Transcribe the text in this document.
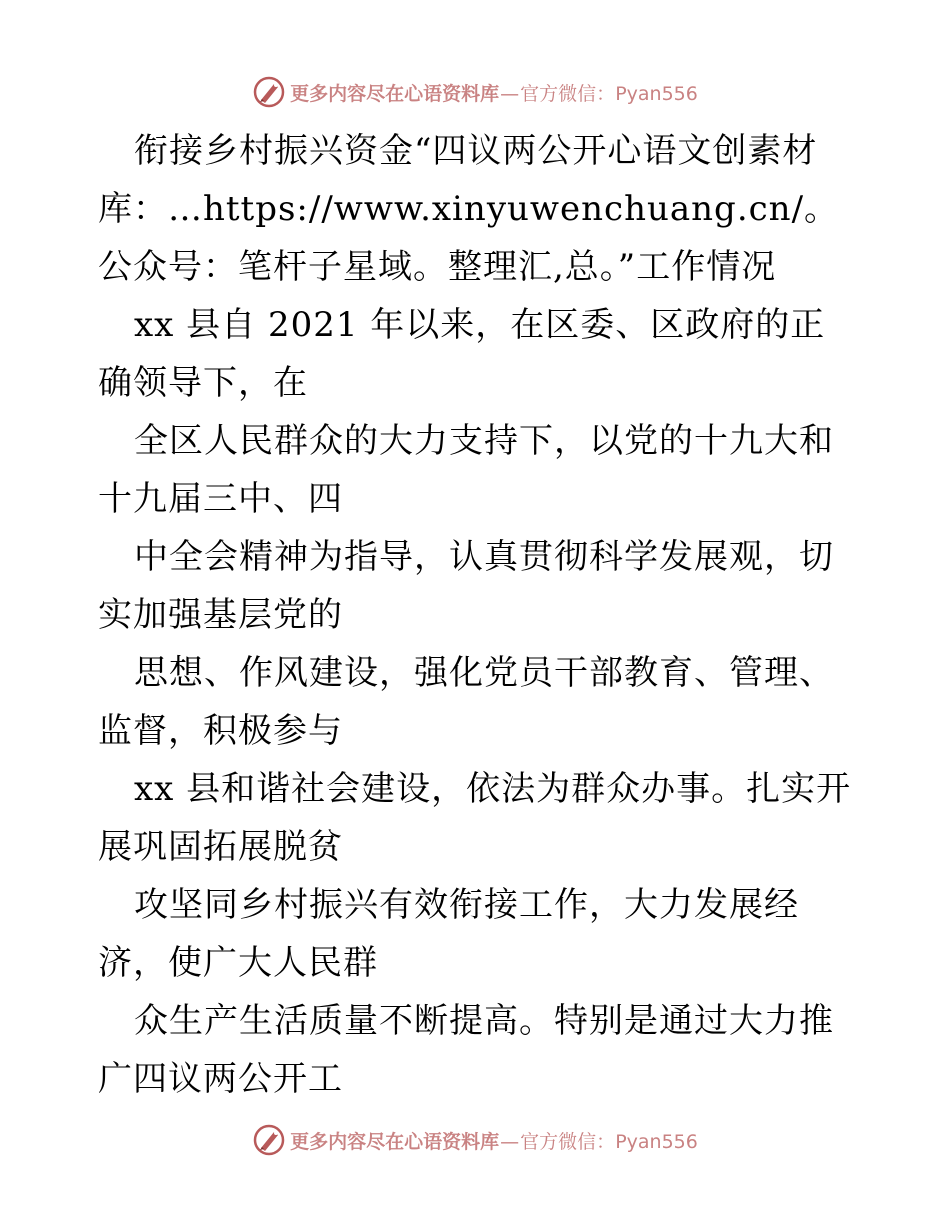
更多内容尽在心语资料库—官方微信：Pyan556

衔接乡村振兴资金“四议两公开心语文创素材库：…https://www.xinyuwenchuang.cn/。公众号：笔杆子星域。整理汇,总。”工作情况

xx 县自 2021 年以来，在区委、区政府的正确领导下，在

全区人民群众的大力支持下，以党的十九大和十九届三中、四

中全会精神为指导，认真贯彻科学发展观，切实加强基层党的

思想、作风建设，强化党员干部教育、管理、监督，积极参与

xx 县和谐社会建设，依法为群众办事。扎实开展巩固拓展脱贫

攻坚同乡村振兴有效衔接工作，大力发展经济，使广大人民群

众生产生活质量不断提高。特别是通过大力推广四议两公开工

更多内容尽在心语资料库—官方微信：Pyan556
